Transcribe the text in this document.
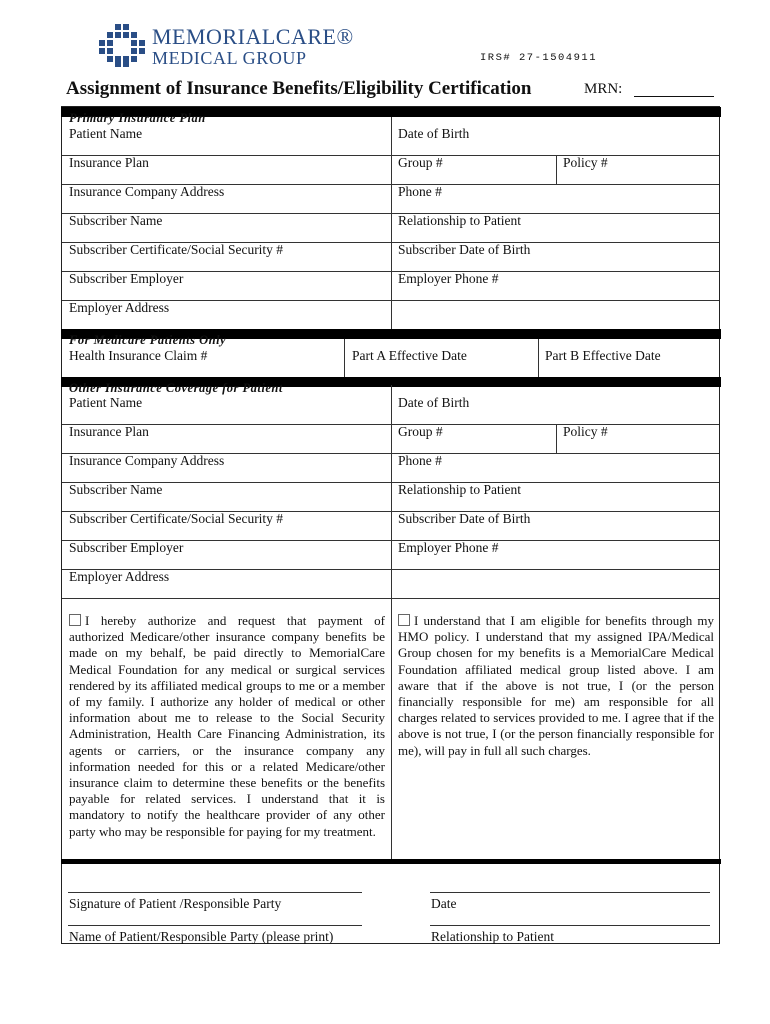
MEMORIALCARE®
MEDICAL GROUP	IRS# 27-1504911
Assignment of Insurance Benefits/Eligibility Certification	MRN:
Primary Insurance Plan
Patient Name	Date of Birth
Insurance Plan	Group #	Policy #
Insurance Company Address	Phone #
Subscriber Name	Relationship to Patient
Subscriber Certificate/Social Security #	Subscriber Date of Birth
Subscriber Employer	Employer Phone #
Employer Address
For Medicare Patients Only
Health Insurance Claim #	Part A Effective Date	Part B Effective Date
Other Insurance Coverage for Patient
Patient Name	Date of Birth
Insurance Plan	Group #	Policy #
Insurance Company Address	Phone #
Subscriber Name	Relationship to Patient
Subscriber Certificate/Social Security #	Subscriber Date of Birth
Subscriber Employer	Employer Phone #
Employer Address
I hereby authorize and request that payment of authorized Medicare/other insurance company benefits be made on my behalf, be paid directly to MemorialCare Medical Foundation for any medical or surgical services rendered by its affiliated medical groups to me or a member of my family. I authorize any holder of medical or other information about me to release to the Social Security Administration, Health Care Financing Administration, its agents or carriers, or the insurance company any information needed for this or a related Medicare/other insurance claim to determine these benefits or the benefits payable for related services. I understand that it is mandatory to notify the healthcare provider of any other party who may be responsible for paying for my treatment.
I understand that I am eligible for benefits through my HMO policy. I understand that my assigned IPA/Medical Group chosen for my benefits is a MemorialCare Medical Foundation affiliated medical group listed above. I am aware that if the above is not true, I (or the person financially responsible for me) am responsible for all charges related to services provided to me. I agree that if the above is not true, I (or the person financially responsible for me), will pay in full all such charges.
Signature of Patient /Responsible Party	Date
Name of Patient/Responsible Party (please print)	Relationship to Patient
